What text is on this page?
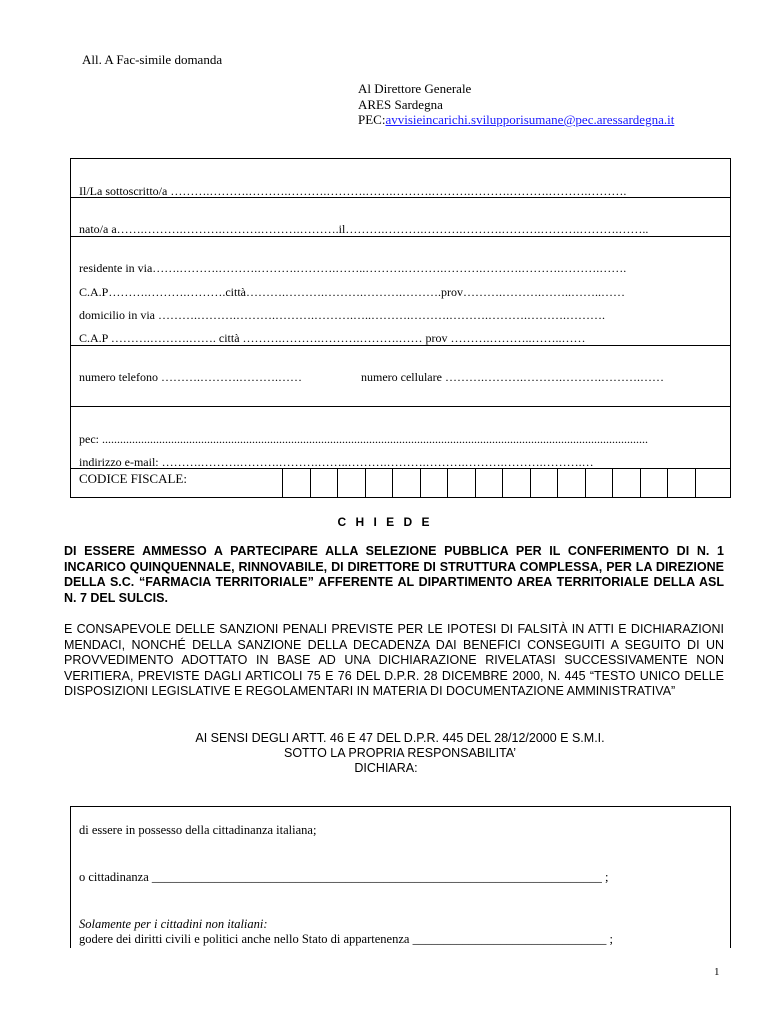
All. A Fac-simile domanda
Al Direttore Generale
ARES Sardegna
PEC:avvisieincarichi.svilupporisumane@pec.aressardegna.it
Il/La sottoscritto/a ……….……….……….……….……….…….……….……….……….……….……….……….
nato/a a…….……….……….……….……….……….il……….……….……….……….……….……….……….……..
residente in via…….……….……….……….……….……..……….……….……….……….……….……….…….
C.A.P……….……….……….città……….……….……….……….……….prov……….……….……..……..……
domicilio in via ……….……….……….……….……….…..……….……….……….……….……….……….
C.A.P ……….……….……. città ……….……….……….……….…… prov ……….………..……..……
numero telefono ……….……….……….……	numero cellulare ……….……….……….……….……….……
pec: ......................................................................................................................................................................................
indirizzo e-mail: ……….……….……….……….……..……….……….……….……….……….……….…
CODICE FISCALE:
C H I E D E
DI ESSERE AMMESSO A PARTECIPARE ALLA SELEZIONE PUBBLICA PER IL CONFERIMENTO DI N. 1 INCARICO QUINQUENNALE, RINNOVABILE, DI DIRETTORE DI STRUTTURA COMPLESSA, PER LA DIREZIONE DELLA S.C. “FARMACIA TERRITORIALE” AFFERENTE AL DIPARTIMENTO AREA TERRITORIALE DELLA ASL N. 7 DEL SULCIS.
E CONSAPEVOLE DELLE SANZIONI PENALI PREVISTE PER LE IPOTESI DI FALSITÀ IN ATTI E DICHIARAZIONI MENDACI, NONCHÉ DELLA SANZIONE DELLA DECADENZA DAI BENEFICI CONSEGUITI A SEGUITO DI UN PROVVEDIMENTO ADOTTATO IN BASE AD UNA DICHIARAZIONE RIVELATASI SUCCESSIVAMENTE NON VERITIERA, PREVISTE DAGLI ARTICOLI 75 E 76 DEL D.P.R. 28 DICEMBRE 2000, N. 445 “TESTO UNICO DELLE DISPOSIZIONI LEGISLATIVE E REGOLAMENTARI IN MATERIA DI DOCUMENTAZIONE AMMINISTRATIVA”
AI SENSI DEGLI ARTT. 46 E 47 DEL D.P.R. 445 DEL 28/12/2000 E S.M.I.
SOTTO LA PROPRIA RESPONSABILITA’
DICHIARA:
di essere in possesso della cittadinanza italiana;
o cittadinanza ________________________________________________________________________ ;
Solamente per i cittadini non italiani:
godere dei diritti civili e politici anche nello Stato di appartenenza _______________________________ ;
1
